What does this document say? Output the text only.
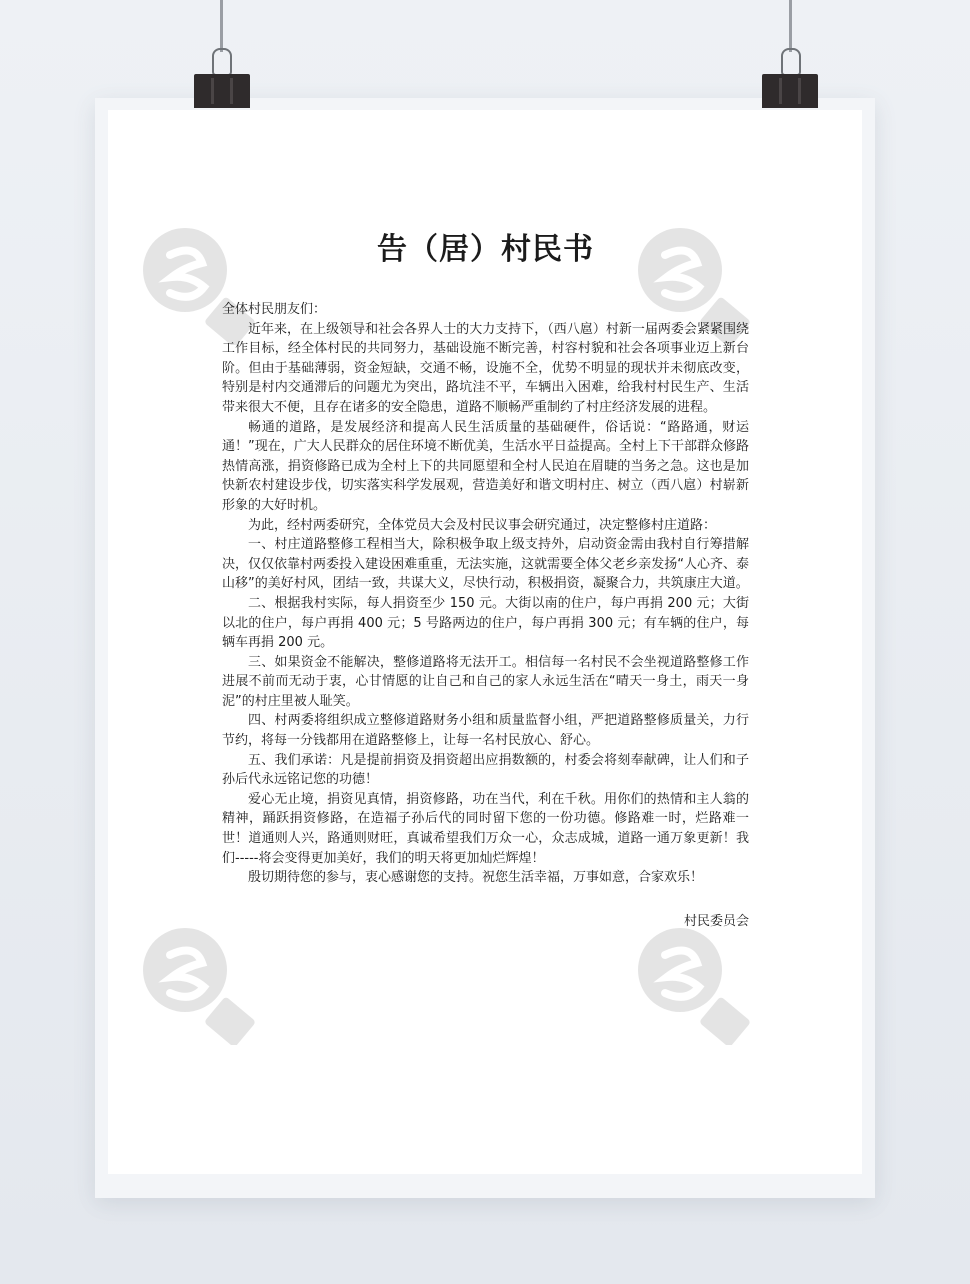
告（居）村民书

全体村民朋友们：

近年来，在上级领导和社会各界人士的大力支持下，（西八扈）村新一届两委会紧紧围绕工作目标，经全体村民的共同努力，基础设施不断完善，村容村貌和社会各项事业迈上新台阶。但由于基础薄弱，资金短缺，交通不畅，设施不全，优势不明显的现状并未彻底改变，特别是村内交通滞后的问题尤为突出，路坑洼不平，车辆出入困难，给我村村民生产、生活带来很大不便，且存在诸多的安全隐患，道路不顺畅严重制约了村庄经济发展的进程。

畅通的道路，是发展经济和提高人民生活质量的基础硬件，俗话说：“路路通，财运通！”现在，广大人民群众的居住环境不断优美，生活水平日益提高。全村上下干部群众修路热情高涨，捐资修路已成为全村上下的共同愿望和全村人民迫在眉睫的当务之急。这也是加快新农村建设步伐，切实落实科学发展观，营造美好和谐文明村庄、树立（西八扈）村崭新形象的大好时机。

为此，经村两委研究，全体党员大会及村民议事会研究通过，决定整修村庄道路：

一、村庄道路整修工程相当大，除积极争取上级支持外，启动资金需由我村自行筹措解决，仅仅依靠村两委投入建设困难重重，无法实施，这就需要全体父老乡亲发扬“人心齐、泰山移”的美好村风，团结一致，共谋大义，尽快行动，积极捐资，凝聚合力，共筑康庄大道。

二、根据我村实际，每人捐资至少 150 元。大街以南的住户，每户再捐 200 元；大街以北的住户，每户再捐 400 元；5 号路两边的住户，每户再捐 300 元；有车辆的住户，每辆车再捐 200 元。

三、如果资金不能解决，整修道路将无法开工。相信每一名村民不会坐视道路整修工作进展不前而无动于衷，心甘情愿的让自己和自己的家人永远生活在“晴天一身土，雨天一身泥”的村庄里被人耻笑。

四、村两委将组织成立整修道路财务小组和质量监督小组，严把道路整修质量关，力行节约，将每一分钱都用在道路整修上，让每一名村民放心、舒心。

五、我们承诺：凡是提前捐资及捐资超出应捐数额的，村委会将刻奉献碑，让人们和子孙后代永远铭记您的功德！

爱心无止境，捐资见真情，捐资修路，功在当代，利在千秋。用你们的热情和主人翁的精神，踊跃捐资修路，在造福子孙后代的同时留下您的一份功德。修路难一时，烂路难一世！道通则人兴，路通则财旺，真诚希望我们万众一心，众志成城，道路一通万象更新！我们-----将会变得更加美好，我们的明天将更加灿烂辉煌！

殷切期待您的参与，衷心感谢您的支持。祝您生活幸福，万事如意，合家欢乐！

村民委员会
